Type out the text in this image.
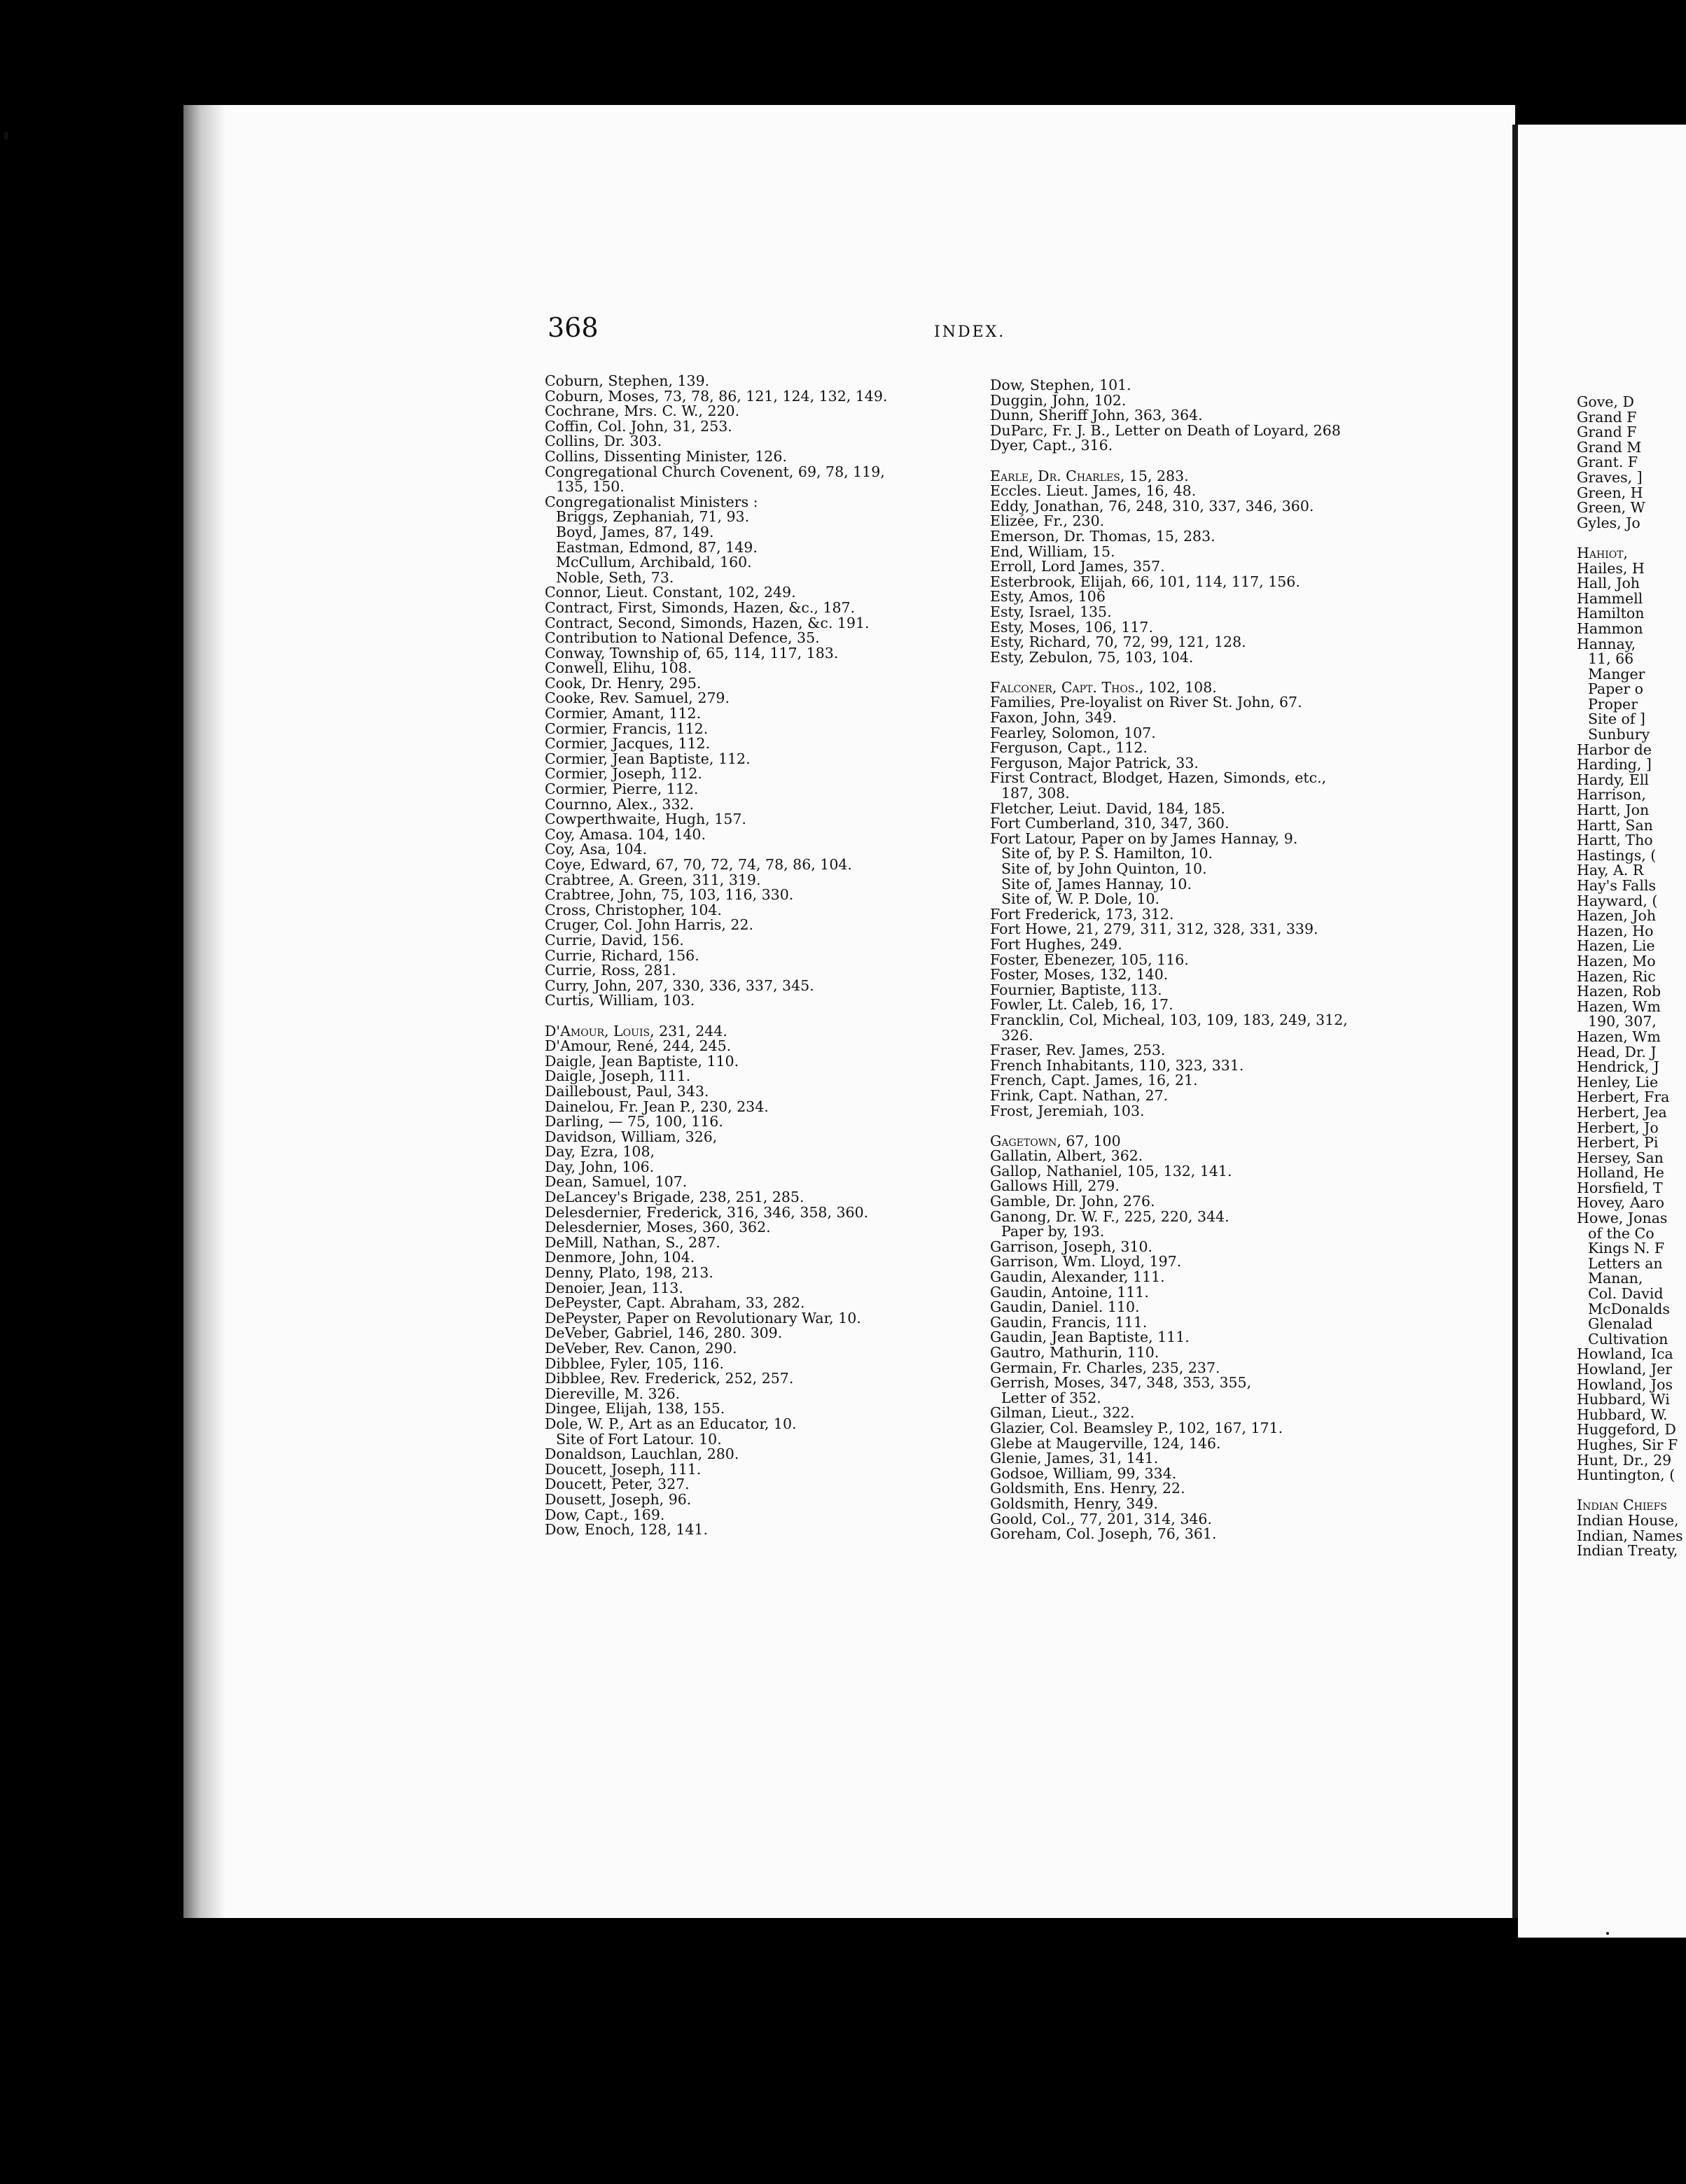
368	INDEX.
Coburn, Stephen, 139.
Coburn, Moses, 73, 78, 86, 121, 124, 132, 149.
Cochrane, Mrs. C. W., 220.
Coffin, Col. John, 31, 253.
Collins, Dr. 303.
Collins, Dissenting Minister, 126.
Congregational Church Covenent, 69, 78, 119,
135, 150.
Congregationalist Ministers :
Briggs, Zephaniah, 71, 93.
Boyd, James, 87, 149.
Eastman, Edmond, 87, 149.
McCullum, Archibald, 160.
Noble, Seth, 73.
Connor, Lieut. Constant, 102, 249.
Contract, First, Simonds, Hazen, &c., 187.
Contract, Second, Simonds, Hazen, &c. 191.
Contribution to National Defence, 35.
Conway, Township of, 65, 114, 117, 183.
Conwell, Elihu, 108.
Cook, Dr. Henry, 295.
Cooke, Rev. Samuel, 279.
Cormier, Amant, 112.
Cormier, Francis, 112.
Cormier, Jacques, 112.
Cormier, Jean Baptiste, 112.
Cormier, Joseph, 112.
Cormier, Pierre, 112.
Cournno, Alex., 332.
Cowperthwaite, Hugh, 157.
Coy, Amasa. 104, 140.
Coy, Asa, 104.
Coye, Edward, 67, 70, 72, 74, 78, 86, 104.
Crabtree, A. Green, 311, 319.
Crabtree, John, 75, 103, 116, 330.
Cross, Christopher, 104.
Cruger, Col. John Harris, 22.
Currie, David, 156.
Currie, Richard, 156.
Currie, Ross, 281.
Curry, John, 207, 330, 336, 337, 345.
Curtis, William, 103.
D'Amour, Louis, 231, 244.
D'Amour, René, 244, 245.
Daigle, Jean Baptiste, 110.
Daigle, Joseph, 111.
Dailleboust, Paul, 343.
Dainelou, Fr. Jean P., 230, 234.
Darling, — 75, 100, 116.
Davidson, William, 326,
Day, Ezra, 108,
Day, John, 106.
Dean, Samuel, 107.
DeLancey's Brigade, 238, 251, 285.
Delesdernier, Frederick, 316, 346, 358, 360.
Delesdernier, Moses, 360, 362.
DeMill, Nathan, S., 287.
Denmore, John, 104.
Denny, Plato, 198, 213.
Denoier, Jean, 113.
DePeyster, Capt. Abraham, 33, 282.
DePeyster, Paper on Revolutionary War, 10.
DeVeber, Gabriel, 146, 280. 309.
DeVeber, Rev. Canon, 290.
Dibblee, Fyler, 105, 116.
Dibblee, Rev. Frederick, 252, 257.
Diereville, M. 326.
Dingee, Elijah, 138, 155.
Dole, W. P., Art as an Educator, 10.
Site of Fort Latour. 10.
Donaldson, Lauchlan, 280.
Doucett, Joseph, 111.
Doucett, Peter, 327.
Dousett, Joseph, 96.
Dow, Capt., 169.
Dow, Enoch, 128, 141.
Dow, Stephen, 101.
Duggin, John, 102.
Dunn, Sheriff John, 363, 364.
DuParc, Fr. J. B., Letter on Death of Loyard, 268
Dyer, Capt., 316.
Earle, Dr. Charles, 15, 283.
Eccles. Lieut. James, 16, 48.
Eddy, Jonathan, 76, 248, 310, 337, 346, 360.
Elizée, Fr., 230.
Emerson, Dr. Thomas, 15, 283.
End, William, 15.
Erroll, Lord James, 357.
Esterbrook, Elijah, 66, 101, 114, 117, 156.
Esty, Amos, 106
Esty, Israel, 135.
Esty, Moses, 106, 117.
Esty, Richard, 70, 72, 99, 121, 128.
Esty, Zebulon, 75, 103, 104.
Falconer, Capt. Thos., 102, 108.
Families, Pre-loyalist on River St. John, 67.
Faxon, John, 349.
Fearley, Solomon, 107.
Ferguson, Capt., 112.
Ferguson, Major Patrick, 33.
First Contract, Blodget, Hazen, Simonds, etc.,
187, 308.
Fletcher, Leiut. David, 184, 185.
Fort Cumberland, 310, 347, 360.
Fort Latour, Paper on by James Hannay, 9.
Site of, by P. S. Hamilton, 10.
Site of, by John Quinton, 10.
Site of, James Hannay, 10.
Site of, W. P. Dole, 10.
Fort Frederick, 173, 312.
Fort Howe, 21, 279, 311, 312, 328, 331, 339.
Fort Hughes, 249.
Foster, Ebenezer, 105, 116.
Foster, Moses, 132, 140.
Fournier, Baptiste, 113.
Fowler, Lt. Caleb, 16, 17.
Francklin, Col, Micheal, 103, 109, 183, 249, 312,
326.
Fraser, Rev. James, 253.
French Inhabitants, 110, 323, 331.
French, Capt. James, 16, 21.
Frink, Capt. Nathan, 27.
Frost, Jeremiah, 103.
Gagetown, 67, 100
Gallatin, Albert, 362.
Gallop, Nathaniel, 105, 132, 141.
Gallows Hill, 279.
Gamble, Dr. John, 276.
Ganong, Dr. W. F., 225, 220, 344.
Paper by, 193.
Garrison, Joseph, 310.
Garrison, Wm. Lloyd, 197.
Gaudin, Alexander, 111.
Gaudin, Antoine, 111.
Gaudin, Daniel. 110.
Gaudin, Francis, 111.
Gaudin, Jean Baptiste, 111.
Gautro, Mathurin, 110.
Germain, Fr. Charles, 235, 237.
Gerrish, Moses, 347, 348, 353, 355,
Letter of 352.
Gilman, Lieut., 322.
Glazier, Col. Beamsley P., 102, 167, 171.
Glebe at Maugerville, 124, 146.
Glenie, James, 31, 141.
Godsoe, William, 99, 334.
Goldsmith, Ens. Henry, 22.
Goldsmith, Henry, 349.
Goold, Col., 77, 201, 314, 346.
Goreham, Col. Joseph, 76, 361.
Gove, D
Grand F
Grand F
Grand M
Grant. F
Graves, ]
Green, H
Green, W
Gyles, Jo
Hahiot,
Hailes, H
Hall, Joh
Hammell
Hamilton
Hammon
Hannay,
11, 66
Manger
Paper o
Proper
Site of ]
Sunbury
Harbor de
Harding, ]
Hardy, Ell
Harrison,
Hartt, Jon
Hartt, San
Hartt, Tho
Hastings, (
Hay, A. R
Hay's Falls
Hayward, (
Hazen, Joh
Hazen, Ho
Hazen, Lie
Hazen, Mo
Hazen, Ric
Hazen, Rob
Hazen, Wm
190, 307,
Hazen, Wm
Head, Dr. J
Hendrick, J
Henley, Lie
Herbert, Fra
Herbert, Jea
Herbert, Jo
Herbert, Pi
Hersey, San
Holland, He
Horsfield, T
Hovey, Aaro
Howe, Jonas
of the Co
Kings N. F
Letters an
Manan,
Col. David
McDonalds
Glenalad
Cultivation
Howland, Ica
Howland, Jer
Howland, Jos
Hubbard, Wi
Hubbard, W.
Huggeford, D
Hughes, Sir F
Hunt, Dr., 29
Huntington, (
Indian Chiefs
Indian House,
Indian, Names
Indian Treaty,
